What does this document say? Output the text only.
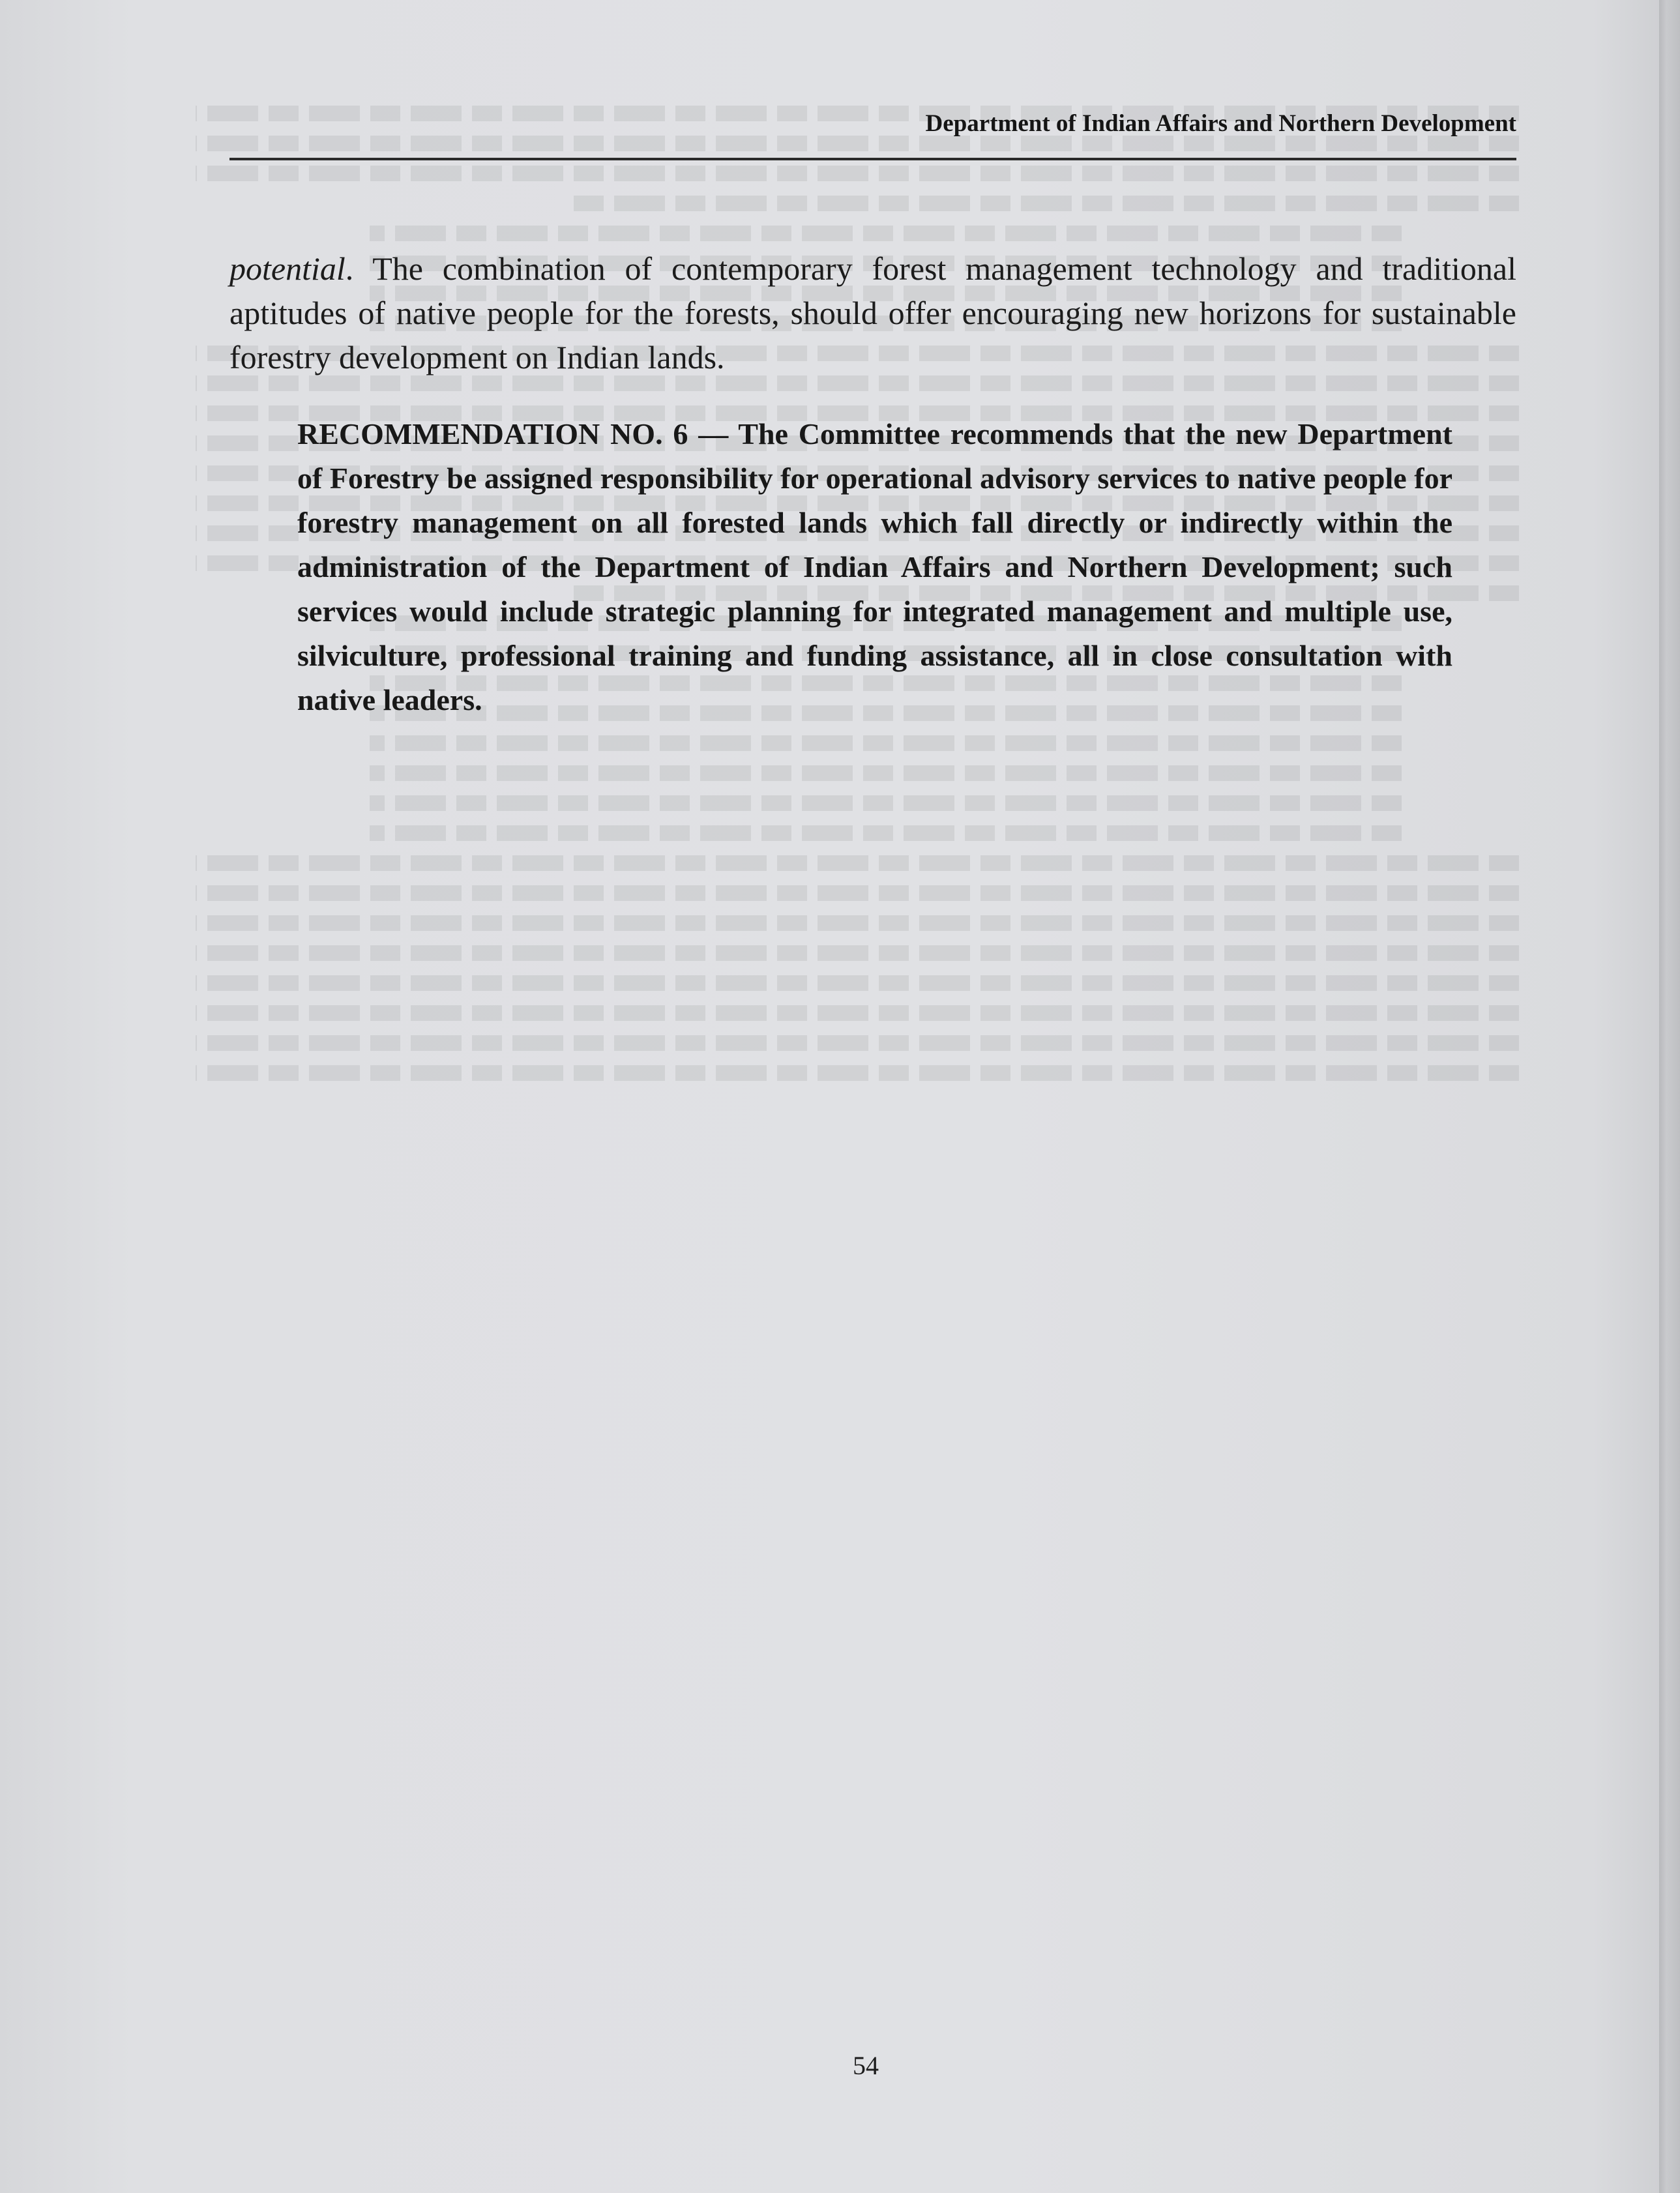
Department of Indian Affairs and Northern Development

potential. The combination of contemporary forest management technology and traditional aptitudes of native people for the forests, should offer encouraging new horizons for sustainable forestry development on Indian lands.

RECOMMENDATION NO. 6 — The Committee recommends that the new Department of Forestry be assigned responsibility for operational advisory services to native people for forestry management on all forested lands which fall directly or indirectly within the administration of the Department of Indian Affairs and Northern Development; such services would include strategic planning for integrated management and multiple use, silviculture, professional training and funding assistance, all in close consultation with native leaders.

54
